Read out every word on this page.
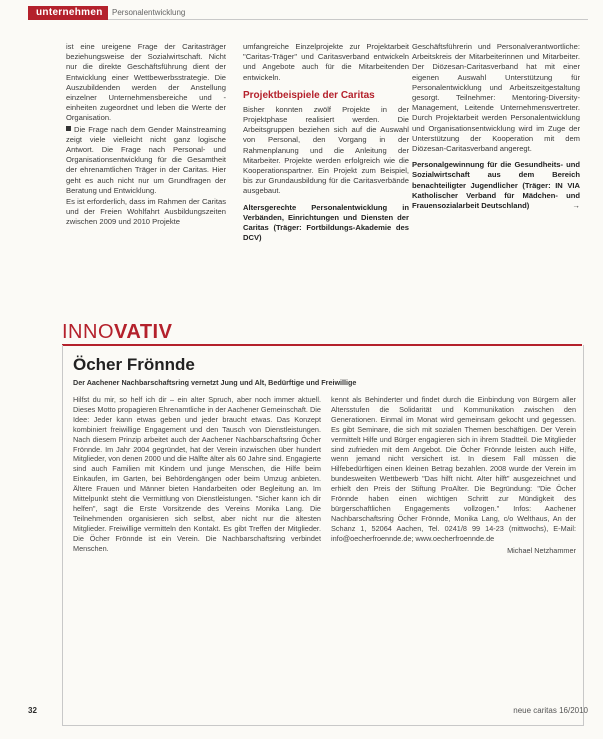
unternehmen	Personalentwicklung

ist eine ureigene Frage der Caritasträger beziehungsweise der Sozialwirtschaft. Nicht nur die direkte Geschäftsführung dient der Entwicklung einer Wettbewerbsstrategie. Die Auszubildenden werden der Anstellung einzelner Unternehmensbereiche und -einheiten zugeordnet und leben die Werte der Organisation.

Die Frage nach dem Gender Mainstreaming zeigt viele vielleicht nicht ganz logische Antwort. Die Frage nach Personal- und Organisationsentwicklung für die Gesamtheit der ehrenamtlichen Träger in der Caritas. Hier geht es auch nicht nur um Grundfragen der Beratung und Entwicklung.

Es ist erforderlich, dass im Rahmen der Caritas und der Freien Wohlfahrt Ausbildungszeiten zwischen 2009 und 2010 Projekte

umfangreiche Einzelprojekte zur Projektarbeit "Caritas-Träger" und Caritasverband entwickeln und Angebote auch für die Mitarbeitenden entwickeln.

Projektbeispiele der Caritas

Bisher konnten zwölf Projekte in der Projektphase realisiert werden. Die Arbeitsgruppen beziehen sich auf die Auswahl von Personal, den Vorgang in der Rahmenplanung und die Anleitung der Mitarbeiter. Projekte werden erfolgreich wie die Kooperationspartner. Ein Projekt zum Beispiel, bis zur Grundausbildung für die Caritasverbände ausgebaut.

Altersgerechte Personalentwicklung in Verbänden, Einrichtungen und Diensten der Caritas (Träger: Fortbildungs-Akademie des DCV)

Geschäftsführerin und Personalverantwortliche: Arbeitskreis der Mitarbeiterinnen und Mitarbeiter. Der Diözesan-Caritasverband hat mit einer eigenen Auswahl Unterstützung für Personalentwicklung und Arbeitszeitgestaltung gesorgt. Teilnehmer: Mentoring-Diversity-Management, Leitende Unternehmensvertreter. Durch Projektarbeit werden Personalentwicklung und Organisationsentwicklung wird im Zuge der Unterstützung der Kooperation mit dem Diözesan-Caritasverband angeregt.

Personalgewinnung für die Gesundheits- und Sozialwirtschaft aus dem Bereich benachteiligter Jugendlicher (Träger: IN VIA Katholischer Verband für Mädchen- und Frauensozialarbeit Deutschland)	→

INNOVATIV
Öcher Frönnde
Der Aachener Nachbarschaftsring vernetzt Jung und Alt, Bedürftige und Freiwillige

Hilfst du mir, so helf ich dir – ein alter Spruch, aber noch immer aktuell. Dieses Motto propagieren Ehrenamtliche in der Aachener Gemeinschaft. Die Idee: Jeder kann etwas geben und jeder braucht etwas. Das Konzept kombiniert freiwillige Engagement und den Tausch von Dienstleistungen. Nach diesem Prinzip arbeitet auch der Aachener Nachbarschaftsring Öcher Frönnde. Im Jahr 2004 gegründet, hat der Verein inzwischen über hundert Mitglieder, von denen 2000 und die Hälfte älter als 60 Jahre sind. Engagierte sind auch Familien mit Kindern und junge Menschen, die Hilfe beim Einkaufen, im Garten, bei Behördengängen oder beim Umzug anbieten. Ältere Frauen und Männer bieten Handarbeiten oder Begleitung an. Im Mittelpunkt steht die Vermittlung von Dienstleistungen. "Sicher kann ich dir helfen", sagt die Erste Vorsitzende des Vereins Monika Lang. Die Teilnehmenden organisieren sich selbst, aber nicht nur die ältesten Mitglieder. Freiwillige vermitteln den Kontakt. Es gibt Treffen der Mitglieder. Die Öcher Frönnde ist ein Verein. Die Nachbarschaftsring verbindet Menschen.

kennt als Behinderter und findet durch die Einbindung von Bürgern aller Altersstufen die Solidarität und Kommunikation zwischen den Generationen. Einmal im Monat wird gemeinsam gekocht und gegessen. Es gibt Seminare, die sich mit sozialen Themen beschäftigen. Der Verein vermittelt Hilfe und Bürger engagieren sich in ihrem Stadtteil. Die Mitglieder sind zufrieden mit dem Angebot. Die Öcher Frönnde leisten auch Hilfe, wenn jemand nicht versichert ist. In diesem Fall müssen die Hilfebedürftigen einen kleinen Betrag bezahlen. 2008 wurde der Verein im bundesweiten Wettbewerb "Das hilft nicht. Alter hilft" ausgezeichnet und erhielt den Preis der Stiftung ProAlter. Die Begründung: "Die Öcher Frönnde haben einen wichtigen Schritt zur Mündigkeit des bürgerschaftlichen Engagements vollzogen." Infos: Aachener Nachbarschaftsring Öcher Frönnde, Monika Lang, c/o Welthaus, An der Schanz 1, 52064 Aachen, Tel. 0241/8 99 14-23 (mittwochs), E-Mail: info@oecherfroennde.de; www.oecherfroennde.de

Michael Netzhammer

32	neue caritas 16/2010
